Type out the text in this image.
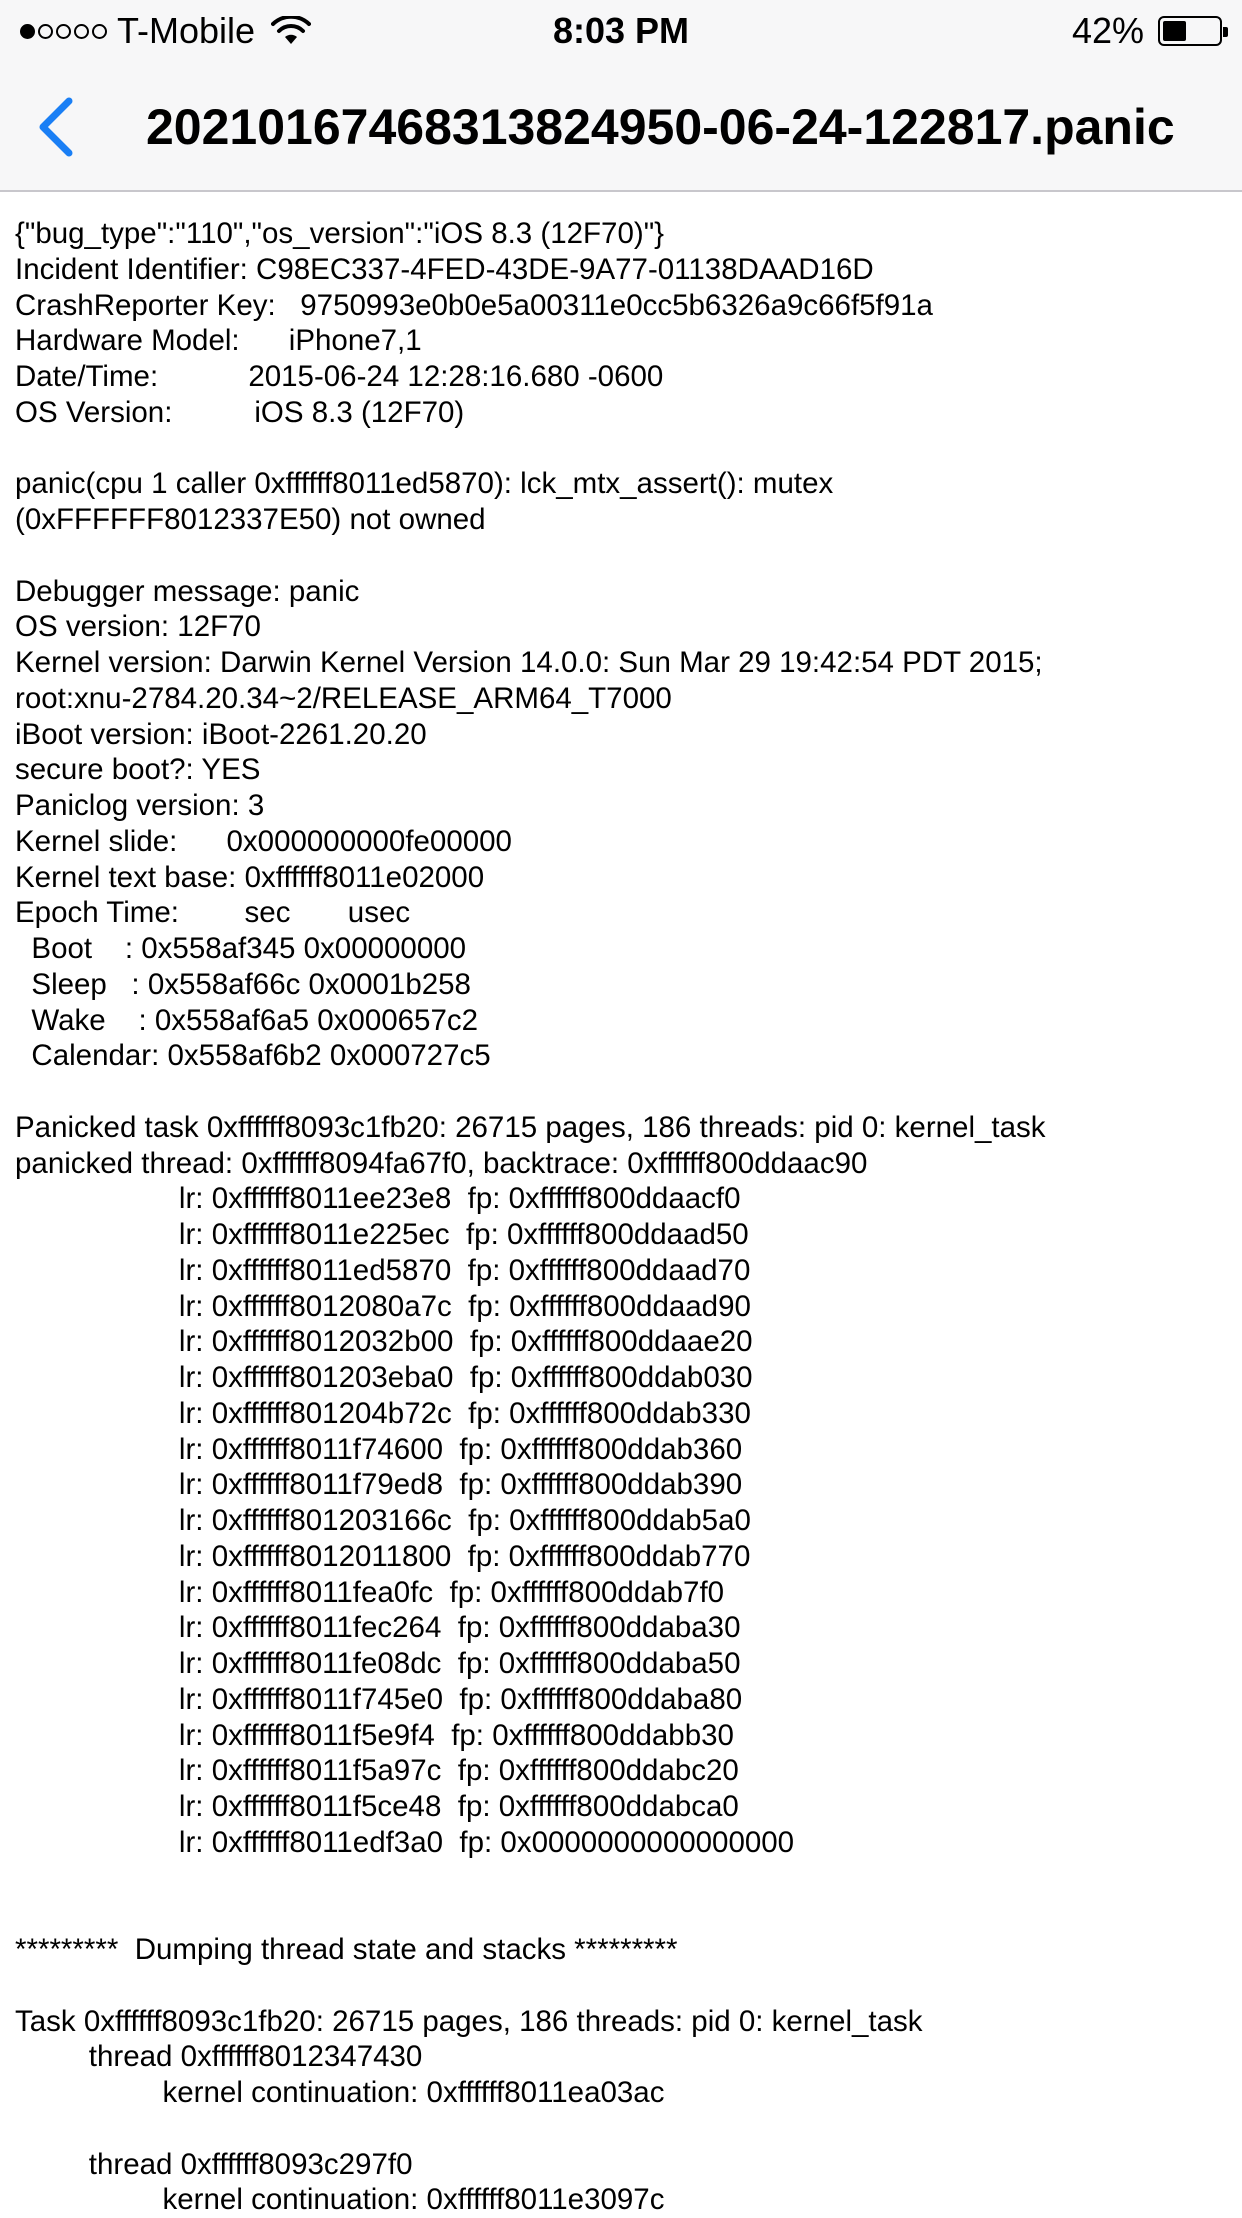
T-Mobile	8:03 PM	42%
20210167468313824950-06-24-122817.panic
{"bug_type":"110","os_version":"iOS 8.3 (12F70)"}
Incident Identifier: C98EC337-4FED-43DE-9A77-01138DAAD16D
CrashReporter Key:   9750993e0b0e5a00311e0cc5b6326a9c66f5f91a
Hardware Model:      iPhone7,1
Date/Time:           2015-06-24 12:28:16.680 -0600
OS Version:          iOS 8.3 (12F70)
panic(cpu 1 caller 0xffffff8011ed5870): lck_mtx_assert(): mutex
(0xFFFFFF8012337E50) not owned
Debugger message: panic
OS version: 12F70
Kernel version: Darwin Kernel Version 14.0.0: Sun Mar 29 19:42:54 PDT 2015;
root:xnu-2784.20.34~2/RELEASE_ARM64_T7000
iBoot version: iBoot-2261.20.20
secure boot?: YES
Paniclog version: 3
Kernel slide:      0x000000000fe00000
Kernel text base: 0xffffff8011e02000
Epoch Time:        sec       usec
Boot    : 0x558af345 0x00000000
Sleep   : 0x558af66c 0x0001b258
Wake    : 0x558af6a5 0x000657c2
Calendar: 0x558af6b2 0x000727c5
Panicked task 0xffffff8093c1fb20: 26715 pages, 186 threads: pid 0: kernel_task
panicked thread: 0xffffff8094fa67f0, backtrace: 0xffffff800ddaac90
lr: 0xffffff8011ee23e8  fp: 0xffffff800ddaacf0
lr: 0xffffff8011e225ec  fp: 0xffffff800ddaad50
lr: 0xffffff8011ed5870  fp: 0xffffff800ddaad70
lr: 0xffffff8012080a7c  fp: 0xffffff800ddaad90
lr: 0xffffff8012032b00  fp: 0xffffff800ddaae20
lr: 0xffffff801203eba0  fp: 0xffffff800ddab030
lr: 0xffffff801204b72c  fp: 0xffffff800ddab330
lr: 0xffffff8011f74600  fp: 0xffffff800ddab360
lr: 0xffffff8011f79ed8  fp: 0xffffff800ddab390
lr: 0xffffff801203166c  fp: 0xffffff800ddab5a0
lr: 0xffffff8012011800  fp: 0xffffff800ddab770
lr: 0xffffff8011fea0fc  fp: 0xffffff800ddab7f0
lr: 0xffffff8011fec264  fp: 0xffffff800ddaba30
lr: 0xffffff8011fe08dc  fp: 0xffffff800ddaba50
lr: 0xffffff8011f745e0  fp: 0xffffff800ddaba80
lr: 0xffffff8011f5e9f4  fp: 0xffffff800ddabb30
lr: 0xffffff8011f5a97c  fp: 0xffffff800ddabc20
lr: 0xffffff8011f5ce48  fp: 0xffffff800ddabca0
lr: 0xffffff8011edf3a0  fp: 0x0000000000000000
*********  Dumping thread state and stacks *********
Task 0xffffff8093c1fb20: 26715 pages, 186 threads: pid 0: kernel_task
thread 0xffffff8012347430
kernel continuation: 0xffffff8011ea03ac
thread 0xffffff8093c297f0
kernel continuation: 0xffffff8011e3097c
